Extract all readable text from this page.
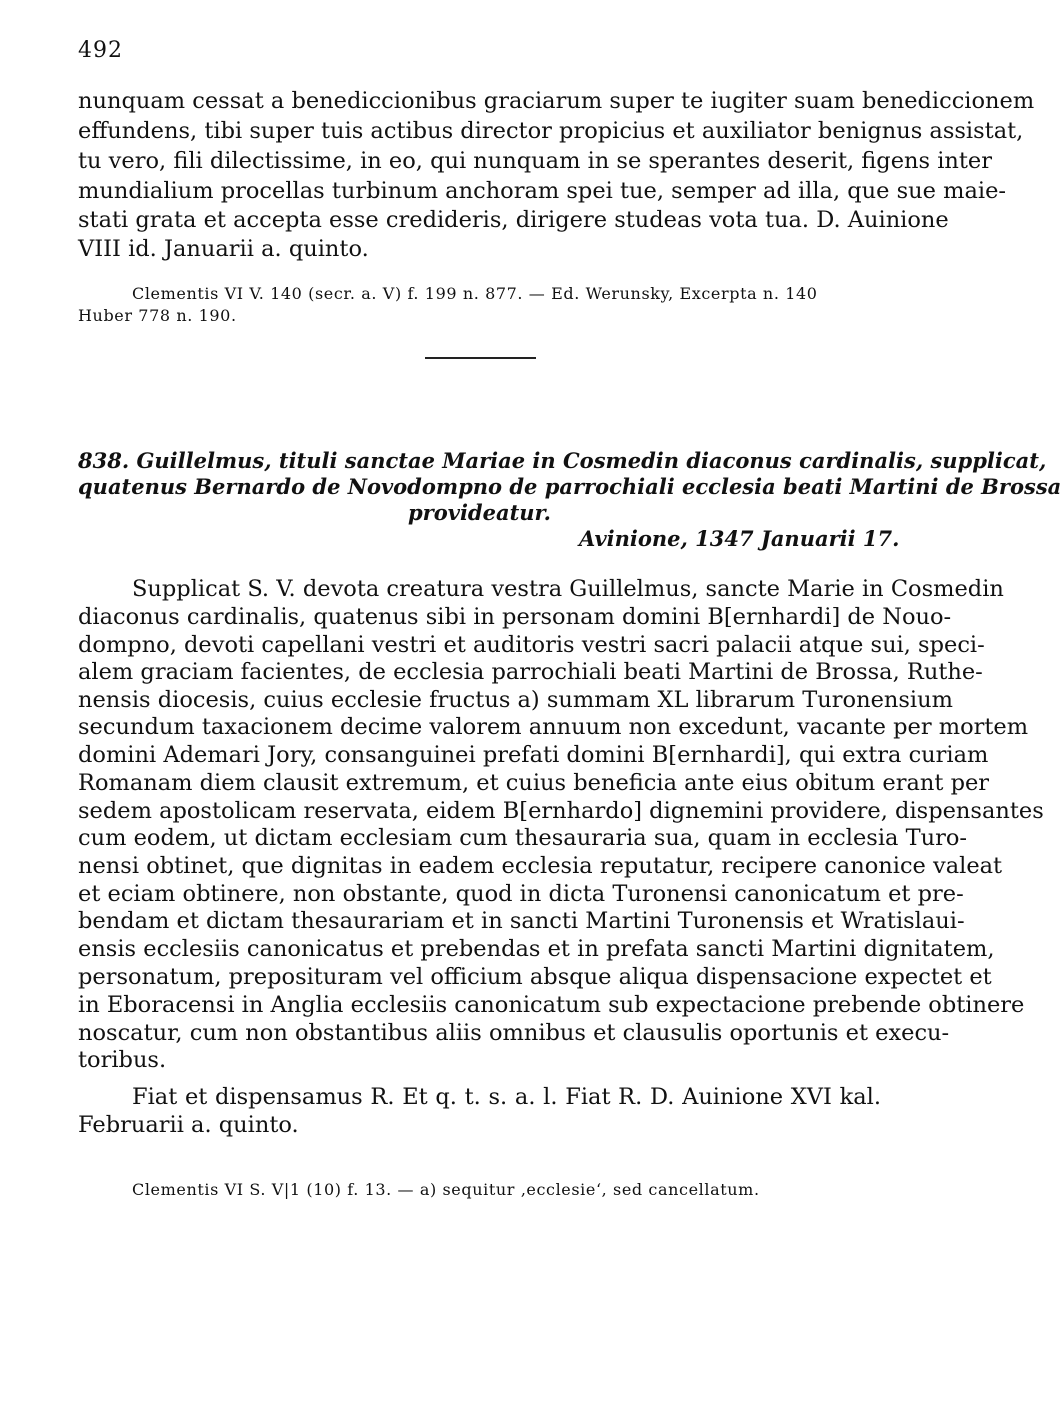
492
nunquam cessat a benediccionibus graciarum super te iugiter suam benediccionem
effundens, tibi super tuis actibus director propicius et auxiliator benignus assistat,
tu vero, fili dilectissime, in eo, qui nunquam in se sperantes deserit, figens inter
mundialium procellas turbinum anchoram spei tue, semper ad illa, que sue maie-
stati grata et accepta esse credideris, dirigere studeas vota tua. D. Auinione
VIII id. Januarii a. quinto.
Clementis VI V. 140 (secr. a. V) f. 199 n. 877. — Ed. Werunsky, Excerpta n. 140
Huber 778 n. 190.
838. Guillelmus, tituli sanctae Mariae in Cosmedin diaconus cardinalis, supplicat,
quatenus Bernardo de Novodompno de parrochiali ecclesia beati Martini de Brossa
provideatur.
Avinione, 1347 Januarii 17.
Supplicat S. V. devota creatura vestra Guillelmus, sancte Marie in Cosmedin
diaconus cardinalis, quatenus sibi in personam domini B[ernhardi] de Nouo-
dompno, devoti capellani vestri et auditoris vestri sacri palacii atque sui, speci-
alem graciam facientes, de ecclesia parrochiali beati Martini de Brossa, Ruthe-
nensis diocesis, cuius ecclesie fructus a) summam XL librarum Turonensium
secundum taxacionem decime valorem annuum non excedunt, vacante per mortem
domini Ademari Jory, consanguinei prefati domini B[ernhardi], qui extra curiam
Romanam diem clausit extremum, et cuius beneficia ante eius obitum erant per
sedem apostolicam reservata, eidem B[ernhardo] dignemini providere, dispensantes
cum eodem, ut dictam ecclesiam cum thesauraria sua, quam in ecclesia Turo-
nensi obtinet, que dignitas in eadem ecclesia reputatur, recipere canonice valeat
et eciam obtinere, non obstante, quod in dicta Turonensi canonicatum et pre-
bendam et dictam thesaurariam et in sancti Martini Turonensis et Wratislaui-
ensis ecclesiis canonicatus et prebendas et in prefata sancti Martini dignitatem,
personatum, preposituram vel officium absque aliqua dispensacione expectet et
in Eboracensi in Anglia ecclesiis canonicatum sub expectacione prebende obtinere
noscatur, cum non obstantibus aliis omnibus et clausulis oportunis et execu-
toribus.
Fiat et dispensamus R. Et q. t. s. a. l. Fiat R. D. Auinione XVI kal.
Februarii a. quinto.
Clementis VI S. V|1 (10) f. 13. — a) sequitur ‚ecclesie‘, sed cancellatum.
